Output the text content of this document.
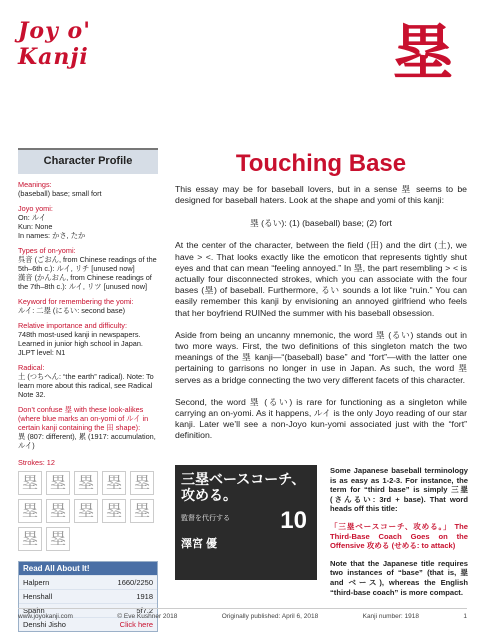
Joy o' Kanji	塁
Character Profile
Meanings:
(baseball) base; small fort
Joyo yomi:
On: ルイ
Kun: None
In names: かさ, たか
Types of on-yomi:
呉音 (ごおん, from Chinese readings of the 5th–6th c.): ルイ, リチ [unused now]
漢音 (かんおん, from Chinese readings of the 7th–8th c.): ルイ, リツ [unused now]
Keyword for remembering the yomi:
ルイ: 二塁 (にるい: second base)
Relative importance and difficulty:
748th most-used kanji in newspapers. Learned in junior high school in Japan. JLPT level: N1
Radical:
土 (つちへん: “the earth” radical). Note: To learn more about this radical, see Radical Note 32.
Don’t confuse 塁 with these look-alikes (where blue marks an on-yomi of ルイ in certain kanji containing the 田 shape):
異 (807: different), 累 (1917: accumulation, ルイ)
Strokes: 12
塁 塁 塁 塁 塁
塁 塁 塁 塁 塁
塁 塁
Read All About It!
Halpern	1660/2250
Henshall	1918
Spahn	5f7.2
Denshi Jisho	Click here
Touching Base

This essay may be for baseball lovers, but in a sense 塁 seems to be designed for baseball haters. Look at the shape and yomi of this kanji:

塁 (るい): (1) (baseball) base; (2) fort

At the center of the character, between the field (田) and the dirt (土), we have > <. That looks exactly like the emoticon that represents tightly shut eyes and that can mean “feeling annoyed.” In 塁, the part resembling > < is actually four disconnected strokes, which you can associate with the four bases (塁) of baseball. Furthermore, るい sounds a lot like “ruin.” You can easily remember this kanji by envisioning an annoyed girlfriend who feels that her boyfriend RUINed the summer with his baseball obsession.

Aside from being an uncanny mnemonic, the word 塁 (るい) stands out in two more ways. First, the two definitions of this singleton match the two meanings of the 塁 kanji—“(baseball) base” and “fort”—with the latter one pertaining to garrisons no longer in use in Japan. As such, the word 塁 serves as a bridge connecting the two very different facets of this character.

Second, the word 塁 (るい) is rare for functioning as a singleton while carrying an on-yomi. As it happens, ルイ is the only Joyo reading of our star kanji. Later we’ll see a non-Joyo kun-yomi associated just with the “fort” definition.

三塁ベースコーチ、攻める。
監督を代行する 10
澤宮 優
Some Japanese baseball terminology is as easy as 1-2-3. For instance, the term for “third base” is simply 三塁 (さんるい: 3rd + base). That word heads off this title:
「三塁ベースコーチ、攻める。」 The Third-Base Coach Goes on the Offensive 攻める (せめる: to attack)
Note that the Japanese title requires two instances of “base” (that is, 塁 and ベース), whereas the English “third-base coach” is more compact.
www.joyokanji.com	© Eve Kushner 2018	Originally published: April 6, 2018	Kanji number: 1918	1
